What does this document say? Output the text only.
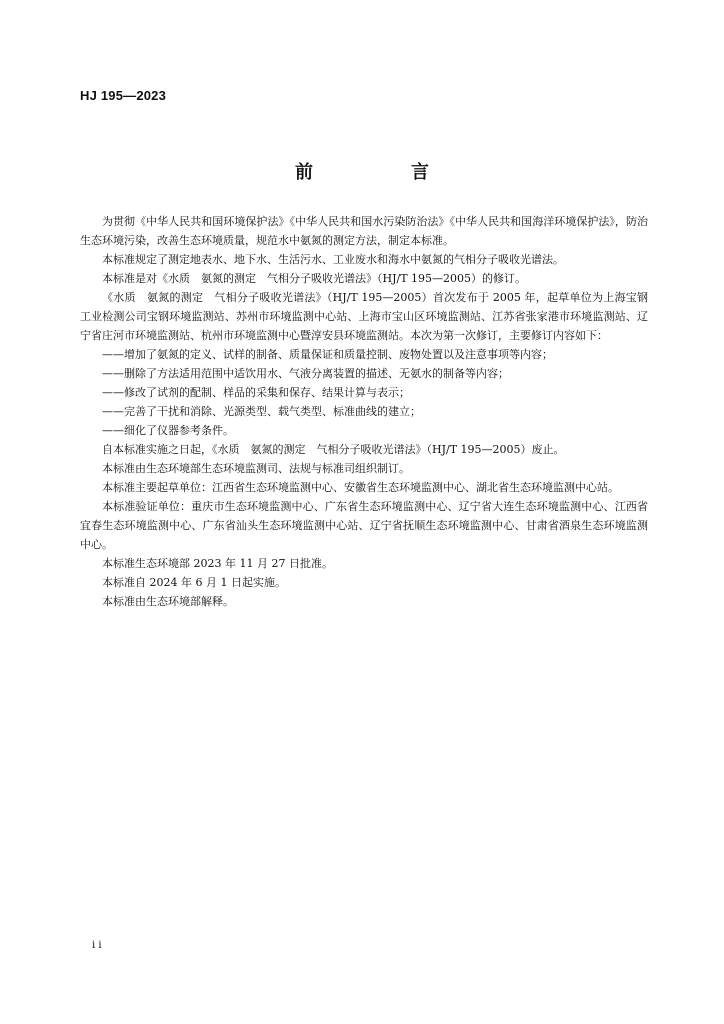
HJ 195—2023
前　言

为贯彻《中华人民共和国环境保护法》《中华人民共和国水污染防治法》《中华人民共和国海洋环境保护法》，防治生态环境污染，改善生态环境质量，规范水中氨氮的测定方法，制定本标准。

本标准规定了测定地表水、地下水、生活污水、工业废水和海水中氨氮的气相分子吸收光谱法。

本标准是对《水质　氨氮的测定　气相分子吸收光谱法》（HJ/T 195—2005）的修订。

《水质　氨氮的测定　气相分子吸收光谱法》（HJ/T 195—2005）首次发布于 2005 年，起草单位为上海宝钢工业检测公司宝钢环境监测站、苏州市环境监测中心站、上海市宝山区环境监测站、江苏省张家港市环境监测站、辽宁省庄河市环境监测站、杭州市环境监测中心暨淳安县环境监测站。本次为第一次修订，主要修订内容如下：

——增加了氨氮的定义、试样的制备、质量保证和质量控制、废物处置以及注意事项等内容；

——删除了方法适用范围中适饮用水、气液分离装置的描述、无氨水的制备等内容；

——修改了试剂的配制、样品的采集和保存、结果计算与表示；

——完善了干扰和消除、光源类型、载气类型、标准曲线的建立；

——细化了仪器参考条件。

自本标准实施之日起，《水质　氨氮的测定　气相分子吸收光谱法》（HJ/T 195—2005）废止。

本标准由生态环境部生态环境监测司、法规与标准司组织制订。

本标准主要起草单位：江西省生态环境监测中心、安徽省生态环境监测中心、湖北省生态环境监测中心站。

本标准验证单位：重庆市生态环境监测中心、广东省生态环境监测中心、辽宁省大连生态环境监测中心、江西省宜春生态环境监测中心、广东省汕头生态环境监测中心站、辽宁省抚顺生态环境监测中心、甘肃省酒泉生态环境监测中心。

本标准生态环境部 2023 年 11 月 27 日批准。

本标准自 2024 年 6 月 1 日起实施。

本标准由生态环境部解释。

i i
